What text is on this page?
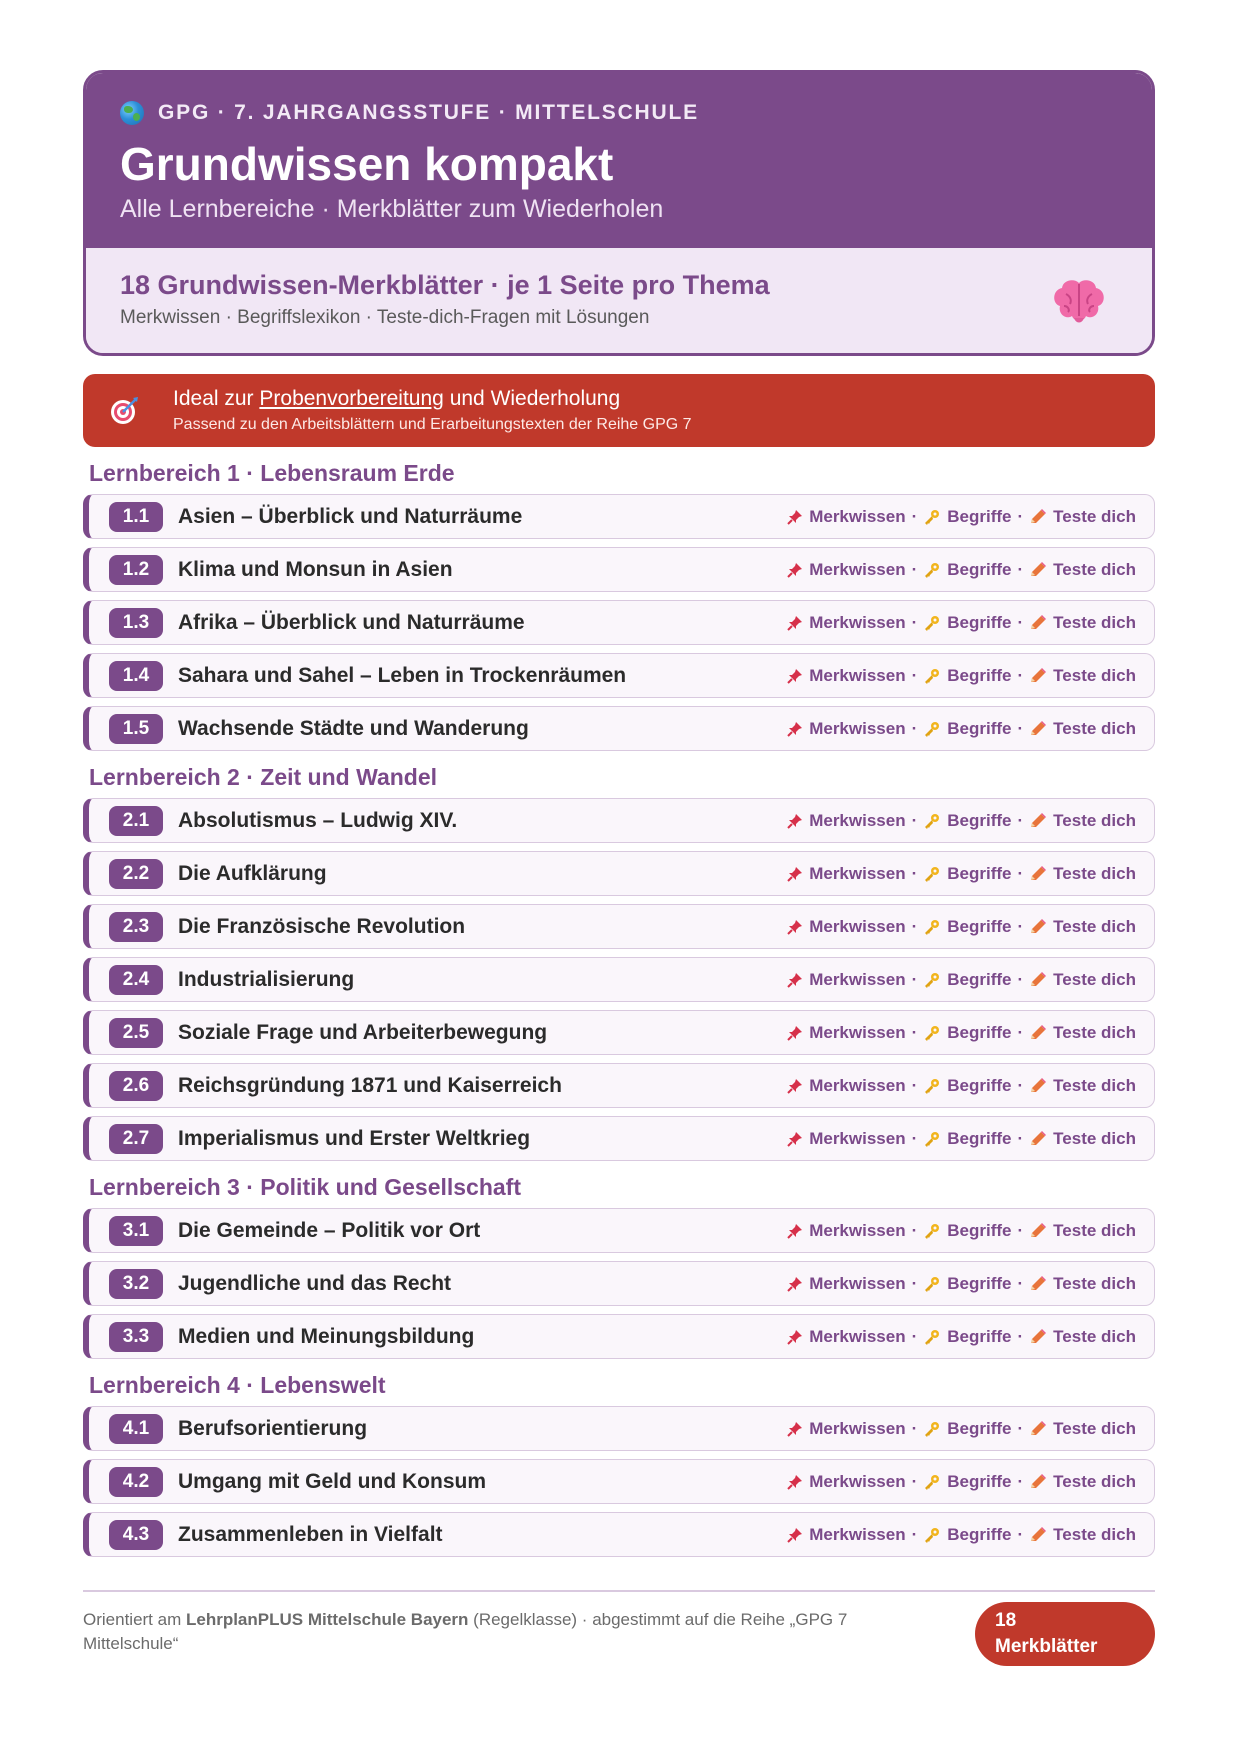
GPG · 7. JAHRGANGSSTUFE · MITTELSCHULE
Grundwissen kompakt
Alle Lernbereiche · Merkblätter zum Wiederholen
18 Grundwissen-Merkblätter · je 1 Seite pro Thema
Merkwissen · Begriffslexikon · Teste-dich-Fragen mit Lösungen
Ideal zur Probenvorbereitung und Wiederholung
Passend zu den Arbeitsblättern und Erarbeitungstexten der Reihe GPG 7
Lernbereich 1 · Lebensraum Erde
1.1	Asien – Überblick und Naturräume	Merkwissen · Begriffe · Teste dich
1.2	Klima und Monsun in Asien	Merkwissen · Begriffe · Teste dich
1.3	Afrika – Überblick und Naturräume	Merkwissen · Begriffe · Teste dich
1.4	Sahara und Sahel – Leben in Trockenräumen	Merkwissen · Begriffe · Teste dich
1.5	Wachsende Städte und Wanderung	Merkwissen · Begriffe · Teste dich
Lernbereich 2 · Zeit und Wandel
2.1	Absolutismus – Ludwig XIV.	Merkwissen · Begriffe · Teste dich
2.2	Die Aufklärung	Merkwissen · Begriffe · Teste dich
2.3	Die Französische Revolution	Merkwissen · Begriffe · Teste dich
2.4	Industrialisierung	Merkwissen · Begriffe · Teste dich
2.5	Soziale Frage und Arbeiterbewegung	Merkwissen · Begriffe · Teste dich
2.6	Reichsgründung 1871 und Kaiserreich	Merkwissen · Begriffe · Teste dich
2.7	Imperialismus und Erster Weltkrieg	Merkwissen · Begriffe · Teste dich
Lernbereich 3 · Politik und Gesellschaft
3.1	Die Gemeinde – Politik vor Ort	Merkwissen · Begriffe · Teste dich
3.2	Jugendliche und das Recht	Merkwissen · Begriffe · Teste dich
3.3	Medien und Meinungsbildung	Merkwissen · Begriffe · Teste dich
Lernbereich 4 · Lebenswelt
4.1	Berufsorientierung	Merkwissen · Begriffe · Teste dich
4.2	Umgang mit Geld und Konsum	Merkwissen · Begriffe · Teste dich
4.3	Zusammenleben in Vielfalt	Merkwissen · Begriffe · Teste dich
Orientiert am LehrplanPLUS Mittelschule Bayern (Regelklasse) · abgestimmt auf die Reihe „GPG 7 Mittelschule“
18
Merkblätter
